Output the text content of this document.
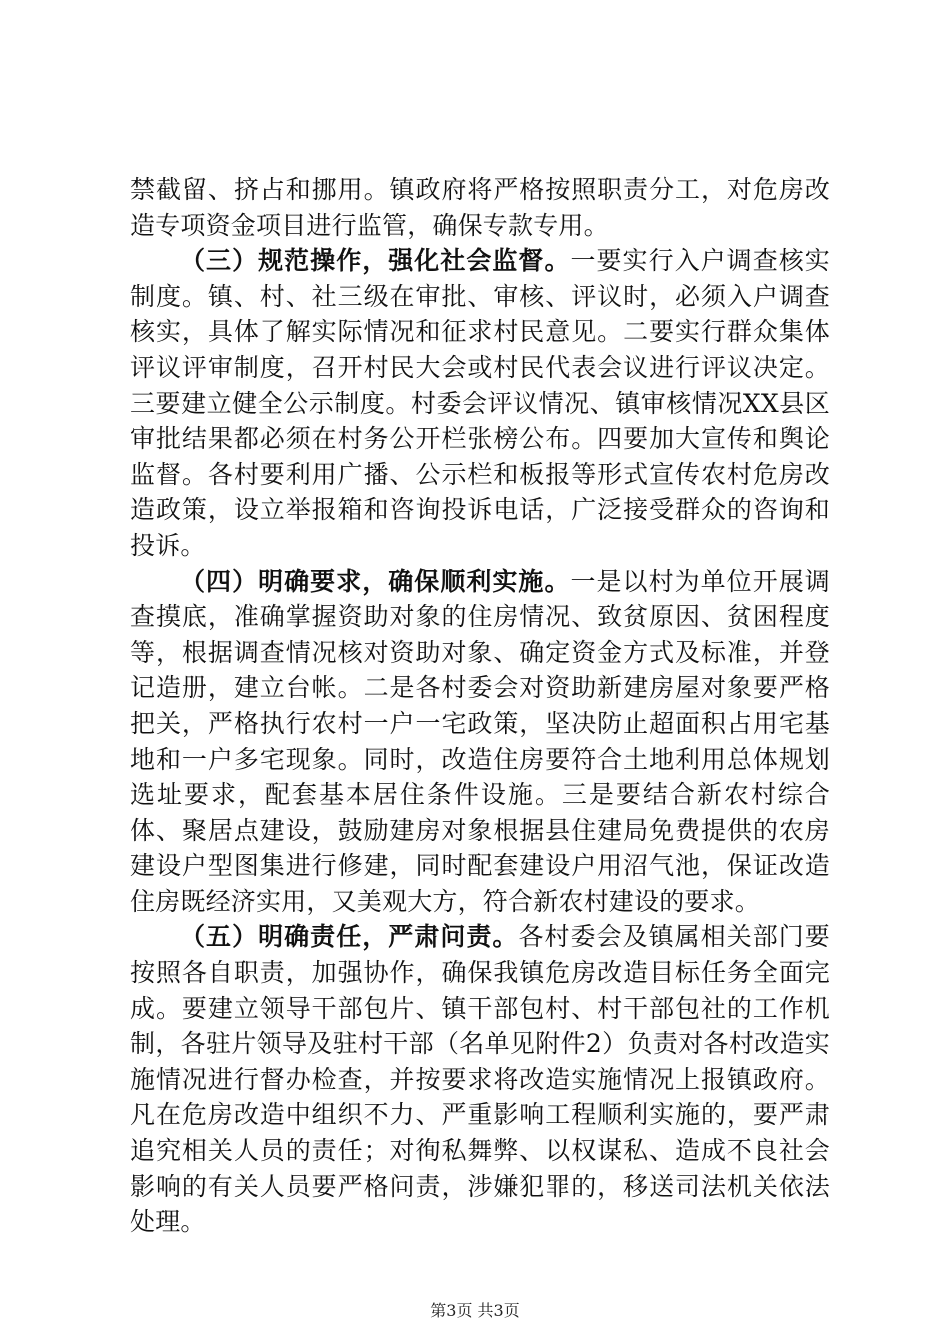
禁截留、挤占和挪用。镇政府将严格按照职责分工，对危房改造专项资金项目进行监管，确保专款专用。

（三）规范操作，强化社会监督。一要实行入户调查核实制度。镇、村、社三级在审批、审核、评议时，必须入户调查核实，具体了解实际情况和征求村民意见。二要实行群众集体评议评审制度，召开村民大会或村民代表会议进行评议决定。三要建立健全公示制度。村委会评议情况、镇审核情况XX县区审批结果都必须在村务公开栏张榜公布。四要加大宣传和舆论监督。各村要利用广播、公示栏和板报等形式宣传农村危房改造政策，设立举报箱和咨询投诉电话，广泛接受群众的咨询和投诉。

（四）明确要求，确保顺利实施。一是以村为单位开展调查摸底，准确掌握资助对象的住房情况、致贫原因、贫困程度等，根据调查情况核对资助对象、确定资金方式及标准，并登记造册，建立台帐。二是各村委会对资助新建房屋对象要严格把关，严格执行农村一户一宅政策，坚决防止超面积占用宅基地和一户多宅现象。同时，改造住房要符合土地利用总体规划选址要求，配套基本居住条件设施。三是要结合新农村综合体、聚居点建设，鼓励建房对象根据县住建局免费提供的农房建设户型图集进行修建，同时配套建设户用沼气池，保证改造住房既经济实用，又美观大方，符合新农村建设的要求。

（五）明确责任，严肃问责。各村委会及镇属相关部门要按照各自职责，加强协作，确保我镇危房改造目标任务全面完成。要建立领导干部包片、镇干部包村、村干部包社的工作机制，各驻片领导及驻村干部（名单见附件2）负责对各村改造实施情况进行督办检查，并按要求将改造实施情况上报镇政府。凡在危房改造中组织不力、严重影响工程顺利实施的，要严肃追究相关人员的责任；对徇私舞弊、以权谋私、造成不良社会影响的有关人员要严格问责，涉嫌犯罪的，移送司法机关依法处理。

第3页 共3页
